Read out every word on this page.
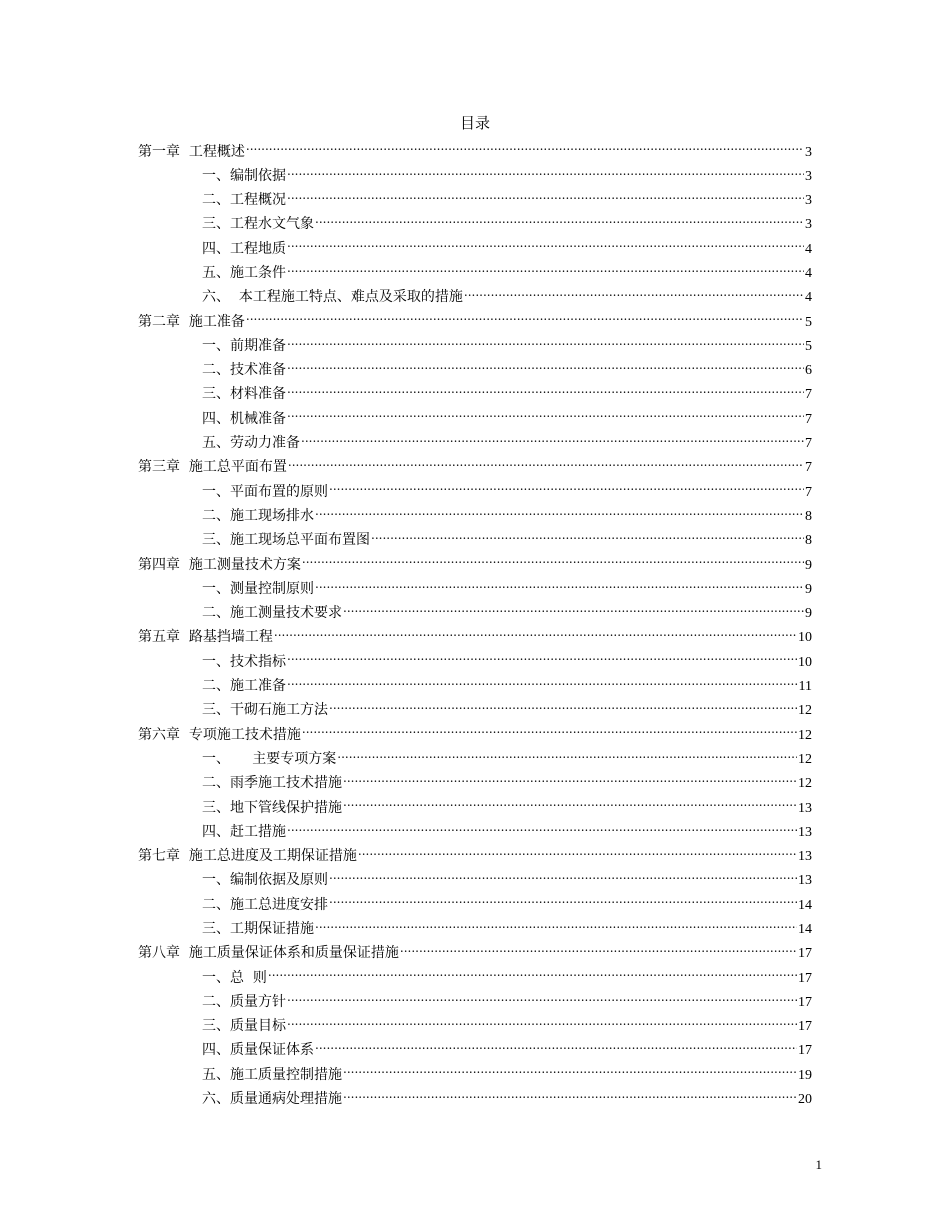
目录
第一章  工程概述 .....	3
一、编制依据 .....	3
二、工程概况 .....	3
三、工程水文气象 .....	3
四、工程地质 .....	4
五、施工条件 .....	4
六、  本工程施工特点、难点及采取的措施 .....	4
第二章  施工准备 .....	5
一、前期准备 .....	5
二、技术准备 .....	6
三、材料准备 .....	7
四、机械准备 .....	7
五、劳动力准备 .....	7
第三章  施工总平面布置 .....	7
一、平面布置的原则 .....	7
二、施工现场排水 .....	8
三、施工现场总平面布置图 .....	8
第四章  施工测量技术方案 .....	9
一、测量控制原则 .....	9
二、施工测量技术要求 .....	9
第五章  路基挡墙工程 .....	10
一、技术指标 .....	10
二、施工准备 .....	11
三、干砌石施工方法 .....	12
第六章  专项施工技术措施 .....	12
一、     主要专项方案 .....	12
二、雨季施工技术措施 .....	12
三、地下管线保护措施 .....	13
四、赶工措施 .....	13
第七章  施工总进度及工期保证措施 .....	13
一、编制依据及原则 .....	13
二、施工总进度安排 .....	14
三、工期保证措施 .....	14
第八章  施工质量保证体系和质量保证措施 .....	17
一、总  则 .....	17
二、质量方针 .....	17
三、质量目标 .....	17
四、质量保证体系 .....	17
五、施工质量控制措施 .....	19
六、质量通病处理措施 .....	20
1
